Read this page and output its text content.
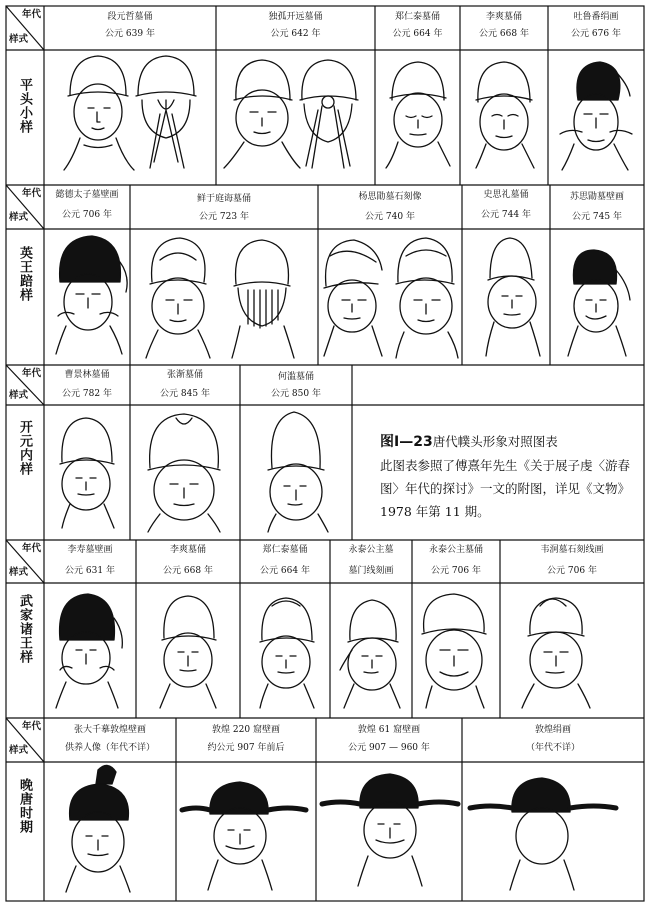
年代
样式
年代
样式
年代
样式
年代
样式
年代
样式
平头小样
英王踣样
开元内样
武家诸王样
晚唐时期
段元哲墓俑
公元 639 年
独孤开远墓俑
公元 642 年
郑仁泰墓俑
公元 664 年
李爽墓俑
公元 668 年
吐鲁番绢画
公元 676 年
懿德太子墓壁画
公元 706 年
鲜于庭诲墓俑
公元 723 年
杨思勖墓石刻像
公元 740 年
史思礼墓俑
公元 744 年
苏思勖墓壁画
公元 745 年
曹景林墓俑
公元 782 年
张渐墓俑
公元 845 年
何滥墓俑
公元 850 年
图Ⅰ—23唐代幞头形象对照图表
此图表参照了傅熹年先生《关于展子虔〈游春图〉年代的探讨》一文的附图，详见《文物》1978 年第 11 期。
李寿墓壁画
公元 631 年
李爽墓俑
公元 668 年
郑仁泰墓俑
公元 664 年
永泰公主墓
墓门线刻画
永泰公主墓俑
公元 706 年
韦泂墓石刻线画
公元 706 年
张大千摹敦煌壁画
供养人像（年代不详）
敦煌 220 窟壁画
约公元 907 年前后
敦煌 61 窟壁画
公元 907 — 960 年
敦煌绢画
（年代不详）
